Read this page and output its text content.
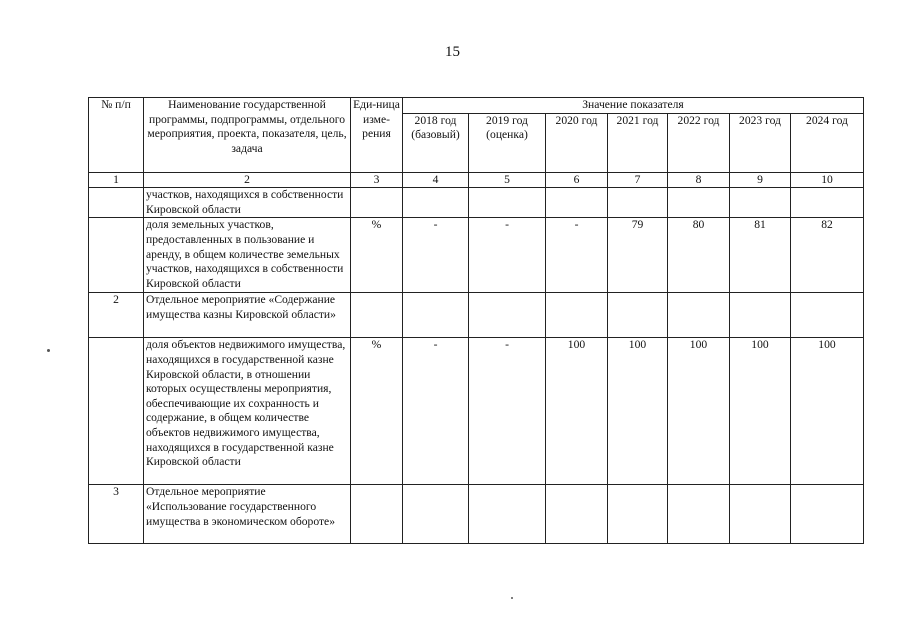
15
№ п/п	Наименование государственной программы, подпрограммы, отдельного мероприятия, проекта, показателя, цель, задача	Еди-ница изме-рения	Значение показателя						
			2018 год (базовый)	2019 год (оценка)	2020 год	2021 год	2022 год	2023 год	2024 год
1	2	3	4	5	6	7	8	9	10
	участков, находящихся в собственности Кировской области								
	доля земельных участков, предоставленных в пользование и аренду, в общем количестве земельных участков, находящихся в собственности Кировской области	%	-	-	-	79	80	81	82
2	Отдельное мероприятие «Содержание имущества казны Кировской области»								
	доля объектов недвижимого имущества, находящихся в государственной казне Кировской области, в отношении которых осуществлены мероприятия, обеспечивающие их сохранность и содержание, в общем количестве объектов недвижимого имущества, находящихся в государственной казне Кировской области	%	-	-	100	100	100	100	100
3	Отдельное мероприятие «Использование государственного имущества в экономическом обороте»								
